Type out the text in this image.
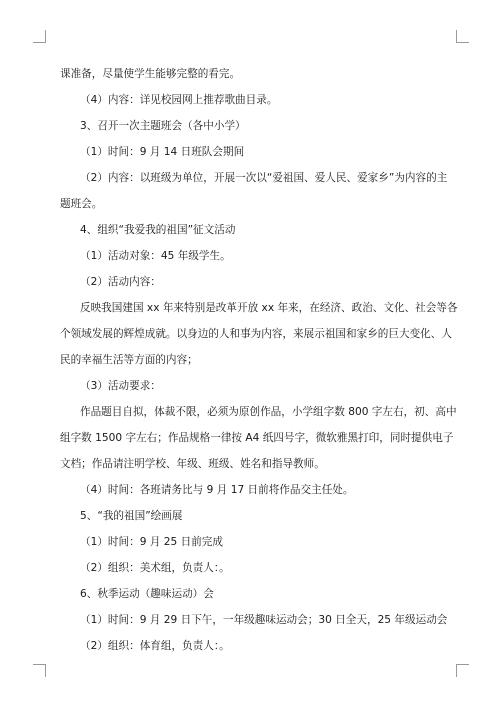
课准备，尽量使学生能够完整的看完。
（4）内容：详见校园网上推荐歌曲目录。
3、召开一次主题班会（各中小学）
（1）时间：9 月 14 日班队会期间
（2）内容：以班级为单位，开展一次以“爱祖国、爱人民、爱家乡”为内容的主
题班会。
4、组织“我爱我的祖国”征文活动
（1）活动对象：45 年级学生。
（2）活动内容：
反映我国建国 xx 年来特别是改革开放 xx 年来，在经济、政治、文化、社会等各
个领域发展的辉煌成就。以身边的人和事为内容，来展示祖国和家乡的巨大变化、人
民的幸福生活等方面的内容；
（3）活动要求：
作品题目自拟，体裁不限，必须为原创作品，小学组字数 800 字左右，初、高中
组字数 1500 字左右；作品规格一律按 A4 纸四号字，微软雅黑打印，同时提供电子
文档；作品请注明学校、年级、班级、姓名和指导教师。
（4）时间：各班请务比与 9 月 17 日前将作品交主任处。
5、“我的祖国”绘画展
（1）时间：9 月 25 日前完成
（2）组织：美术组，负责人：。
6、秋季运动（趣味运动）会
（1）时间：9 月 29 日下午，一年级趣味运动会；30 日全天，25 年级运动会
（2）组织：体育组，负责人：。
